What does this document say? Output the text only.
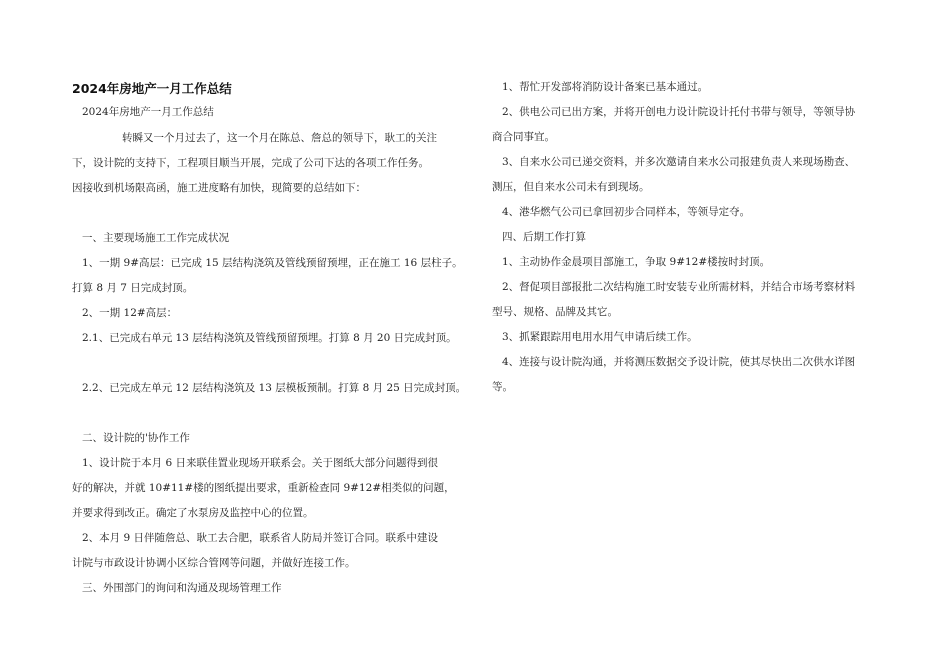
2024年房地产一月工作总结
2024年房地产一月工作总结
转瞬又一个月过去了，这一个月在陈总、詹总的领导下，耿工的关注
下，设计院的支持下，工程项目顺当开展，完成了公司下达的各项工作任务。
因接收到机场限高函，施工进度略有加快，现简要的总结如下：
一、主要现场施工工作完成状况
1、一期 9#高层：已完成 15 层结构浇筑及管线预留预埋，正在施工 16 层柱子。
打算 8 月 7 日完成封顶。
2、一期 12#高层：
2.1、已完成右单元 13 层结构浇筑及管线预留预埋。打算 8 月 20 日完成封顶。
2.2、已完成左单元 12 层结构浇筑及 13 层模板预制。打算 8 月 25 日完成封顶。
二、设计院的'协作工作
1、设计院于本月 6 日来联佳置业现场开联系会。关于图纸大部分问题得到很
好的解决，并就 10#11#楼的图纸提出要求，重新检查同 9#12#相类似的问题，
并要求得到改正。确定了水泵房及监控中心的位置。
2、本月 9 日伴随詹总、耿工去合肥，联系省人防局并签订合同。联系中建设
计院与市政设计协调小区综合管网等问题，并做好连接工作。
三、外围部门的询问和沟通及现场管理工作
1、帮忙开发部将消防设计备案已基本通过。
2、供电公司已出方案，并将开创电力设计院设计托付书带与领导，等领导协
商合同事宜。
3、自来水公司已递交资料，并多次邀请自来水公司报建负责人来现场勘查、
测压，但自来水公司未有到现场。
4、港华燃气公司已拿回初步合同样本，等领导定夺。
四、后期工作打算
1、主动协作金晨项目部施工，争取 9#12#楼按时封顶。
2、督促项目部报批二次结构施工时安装专业所需材料，并结合市场考察材料
型号、规格、品牌及其它。
3、抓紧跟踪用电用水用气申请后续工作。
4、连接与设计院沟通，并将测压数据交予设计院，使其尽快出二次供水详图
等。
